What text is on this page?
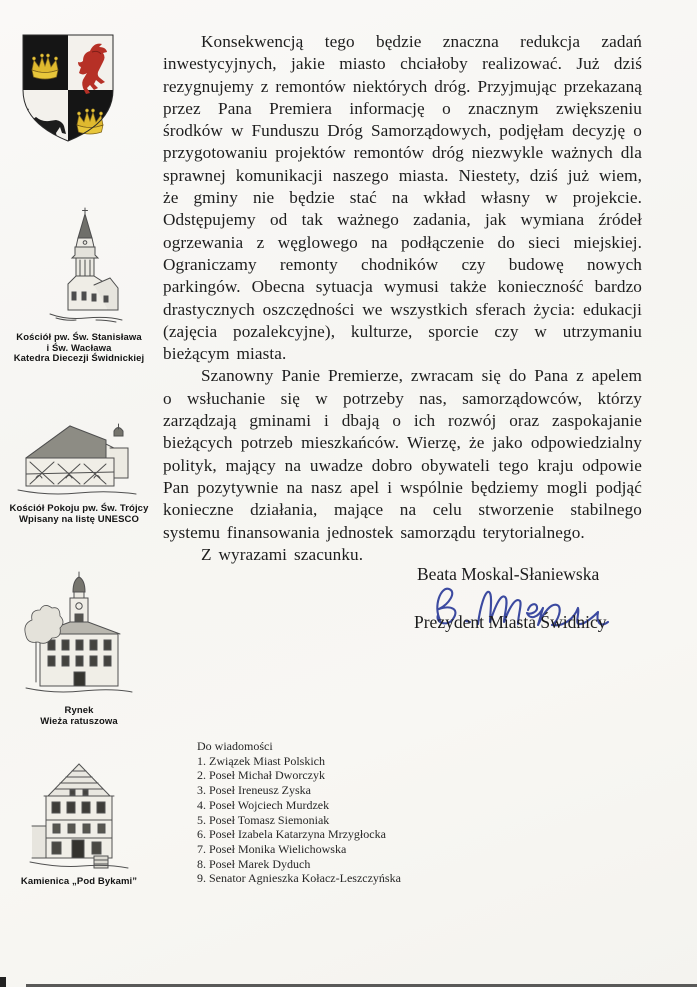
Kościół pw. Św. Stanisława
i Św. Wacława
Katedra Diecezji Świdnickiej
Kościół Pokoju pw. Św. Trójcy
Wpisany na listę UNESCO
Rynek
Wieża ratuszowa
Kamienica „Pod Bykami”

Konsekwencją tego będzie znaczna redukcja zadań inwestycyjnych, jakie miasto chciałoby realizować. Już dziś rezygnujemy z remontów niektórych dróg. Przyjmując przekazaną przez Pana Premiera informację o znacznym zwiększeniu środków w Funduszu Dróg Samorządowych, podjęłam decyzję o przygotowaniu projektów remontów dróg niezwykle ważnych dla sprawnej komunikacji naszego miasta. Niestety, dziś już wiem, że gminy nie będzie stać na wkład własny w projekcie. Odstępujemy od tak ważnego zadania, jak wymiana źródeł ogrzewania z węglowego na podłączenie do sieci miejskiej. Ograniczamy remonty chodników czy budowę nowych parkingów. Obecna sytuacja wymusi także konieczność bardzo drastycznych oszczędności we wszystkich sferach życia: edukacji (zajęcia pozalekcyjne), kulturze, sporcie czy w utrzymaniu bieżącym miasta.

Szanowny Panie Premierze, zwracam się do Pana z apelem o wsłuchanie się w potrzeby nas, samorządowców, którzy zarządzają gminami i dbają o ich rozwój oraz zaspokajanie bieżących potrzeb mieszkańców. Wierzę, że jako odpowiedzialny polityk, mający na uwadze dobro obywateli tego kraju odpowie Pan pozytywnie na nasz apel i wspólnie będziemy mogli podjąć konieczne działania, mające na celu stworzenie stabilnego systemu finansowania jednostek samorządu terytorialnego.

Z wyrazami szacunku.

Beata Moskal-Słaniewska
Prezydent Miasta Świdnicy
Do wiadomości
1. Związek Miast Polskich
2. Poseł Michał Dworczyk
3. Poseł Ireneusz Zyska
4. Poseł Wojciech Murdzek
5. Poseł Tomasz Siemoniak
6. Poseł Izabela Katarzyna Mrzygłocka
7. Poseł Monika Wielichowska
8. Poseł Marek Dyduch
9. Senator Agnieszka Kołacz-Leszczyńska
